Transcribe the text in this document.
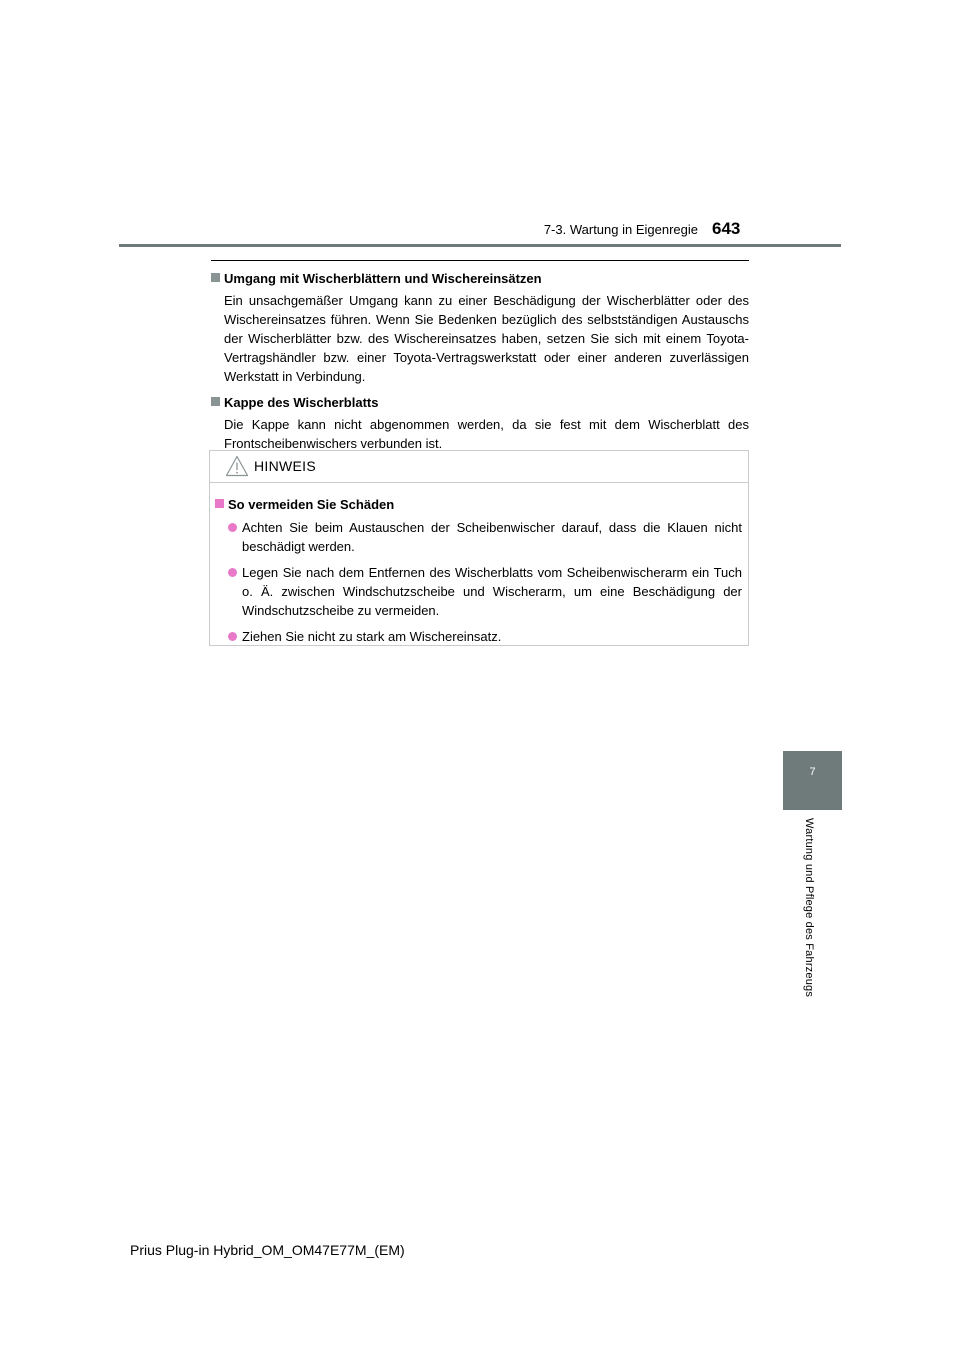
7-3. Wartung in Eigenregie 643

Umgang mit Wischerblättern und Wischereinsätzen

Ein unsachgemäßer Umgang kann zu einer Beschädigung der Wischerblätter oder des Wischereinsatzes führen. Wenn Sie Bedenken bezüglich des selbstständigen Austauschs der Wischerblätter bzw. des Wischereinsatzes haben, setzen Sie sich mit einem Toyota-Vertragshändler bzw. einer Toyota-Vertragswerkstatt oder einer anderen zuverlässigen Werkstatt in Verbindung.

Kappe des Wischerblatts

Die Kappe kann nicht abgenommen werden, da sie fest mit dem Wischerblatt des Frontscheibenwischers verbunden ist.

HINWEIS

So vermeiden Sie Schäden

Achten Sie beim Austauschen der Scheibenwischer darauf, dass die Klauen nicht beschädigt werden.
Legen Sie nach dem Entfernen des Wischerblatts vom Scheibenwischerarm ein Tuch o. Ä. zwischen Windschutzscheibe und Wischerarm, um eine Beschädigung der Windschutzscheibe zu vermeiden.
Ziehen Sie nicht zu stark am Wischereinsatz.
7
Wartung und Pflege des Fahrzeugs
Prius Plug-in Hybrid_OM_OM47E77M_(EM)
